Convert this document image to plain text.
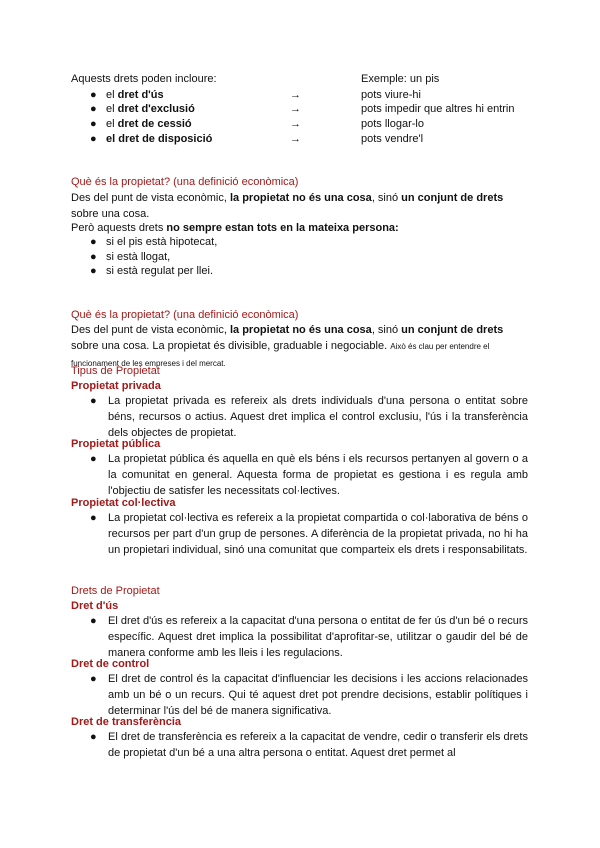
Aquests drets poden incloure:	Exemple: un pis
● el dret d'ús	→	pots viure-hi
● el dret d'exclusió	→	pots impedir que altres hi entrin
● el dret de cessió	→	pots llogar-lo
● el dret de disposició	→	pots vendre'l
Què és la propietat? (una definició econòmica)
Des del punt de vista econòmic, la propietat no és una cosa, sinó un conjunt de drets sobre una cosa.
Però aquests drets no sempre estan tots en la mateixa persona:
● si el pis està hipotecat,
● si està llogat,
● si està regulat per llei.
Què és la propietat? (una definició econòmica)
Des del punt de vista econòmic, la propietat no és una cosa, sinó un conjunt de drets sobre una cosa. La propietat és divisible, graduable i negociable. Això és clau per entendre el funcionament de les empreses i del mercat.
Tipus de Propietat
Propietat privada
●	La propietat privada es refereix als drets individuals d'una persona o entitat sobre béns, recursos o actius. Aquest dret implica el control exclusiu, l'ús i la transferència dels objectes de propietat.
Propietat pública
●	La propietat pública és aquella en què els béns i els recursos pertanyen al govern o a la comunitat en general. Aquesta forma de propietat es gestiona i es regula amb l'objectiu de satisfer les necessitats col·lectives.
Propietat col·lectiva
●	La propietat col·lectiva es refereix a la propietat compartida o col·laborativa de béns o recursos per part d'un grup de persones. A diferència de la propietat privada, no hi ha un propietari individual, sinó una comunitat que comparteix els drets i responsabilitats.
Drets de Propietat
Dret d'ús
●	El dret d'ús es refereix a la capacitat d'una persona o entitat de fer ús d'un bé o recurs específic. Aquest dret implica la possibilitat d'aprofitar-se, utilitzar o gaudir del bé de manera conforme amb les lleis i les regulacions.
Dret de control
●	El dret de control és la capacitat d'influenciar les decisions i les accions relacionades amb un bé o un recurs. Qui té aquest dret pot prendre decisions, establir polítiques i determinar l'ús del bé de manera significativa.
Dret de transferència
●	El dret de transferència es refereix a la capacitat de vendre, cedir o transferir els drets de propietat d'un bé a una altra persona o entitat. Aquest dret permet al
